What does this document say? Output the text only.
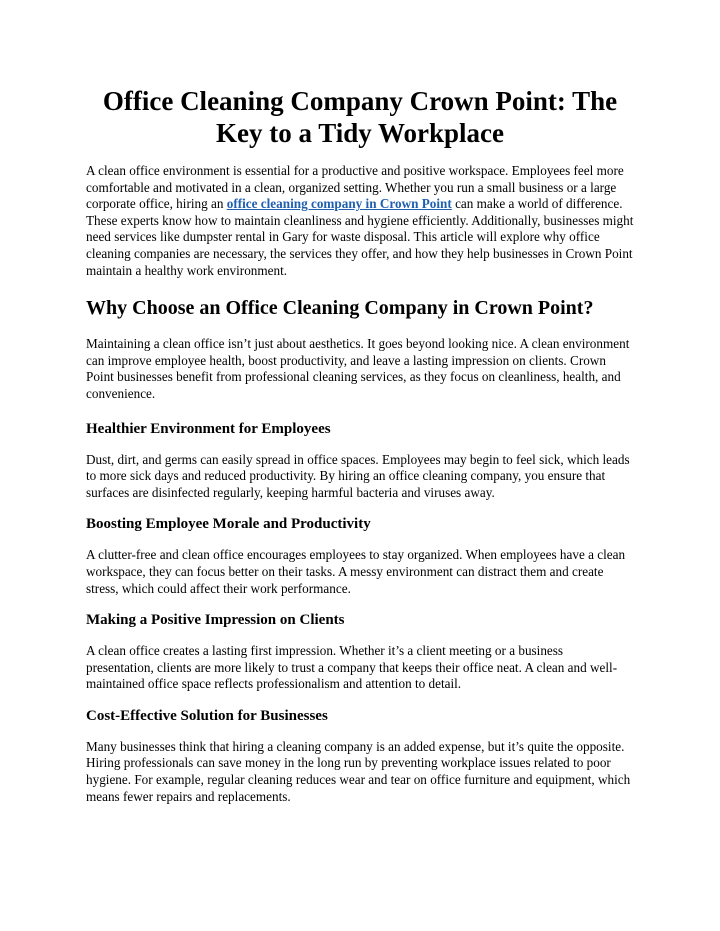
Office Cleaning Company Crown Point: The Key to a Tidy Workplace

A clean office environment is essential for a productive and positive workspace. Employees feel more comfortable and motivated in a clean, organized setting. Whether you run a small business or a large corporate office, hiring an office cleaning company in Crown Point can make a world of difference. These experts know how to maintain cleanliness and hygiene efficiently. Additionally, businesses might need services like dumpster rental in Gary for waste disposal. This article will explore why office cleaning companies are necessary, the services they offer, and how they help businesses in Crown Point maintain a healthy work environment.

Why Choose an Office Cleaning Company in Crown Point?

Maintaining a clean office isn’t just about aesthetics. It goes beyond looking nice. A clean environment can improve employee health, boost productivity, and leave a lasting impression on clients. Crown Point businesses benefit from professional cleaning services, as they focus on cleanliness, health, and convenience.

Healthier Environment for Employees

Dust, dirt, and germs can easily spread in office spaces. Employees may begin to feel sick, which leads to more sick days and reduced productivity. By hiring an office cleaning company, you ensure that surfaces are disinfected regularly, keeping harmful bacteria and viruses away.

Boosting Employee Morale and Productivity

A clutter-free and clean office encourages employees to stay organized. When employees have a clean workspace, they can focus better on their tasks. A messy environment can distract them and create stress, which could affect their work performance.

Making a Positive Impression on Clients

A clean office creates a lasting first impression. Whether it’s a client meeting or a business presentation, clients are more likely to trust a company that keeps their office neat. A clean and well-maintained office space reflects professionalism and attention to detail.

Cost-Effective Solution for Businesses

Many businesses think that hiring a cleaning company is an added expense, but it’s quite the opposite. Hiring professionals can save money in the long run by preventing workplace issues related to poor hygiene. For example, regular cleaning reduces wear and tear on office furniture and equipment, which means fewer repairs and replacements.
